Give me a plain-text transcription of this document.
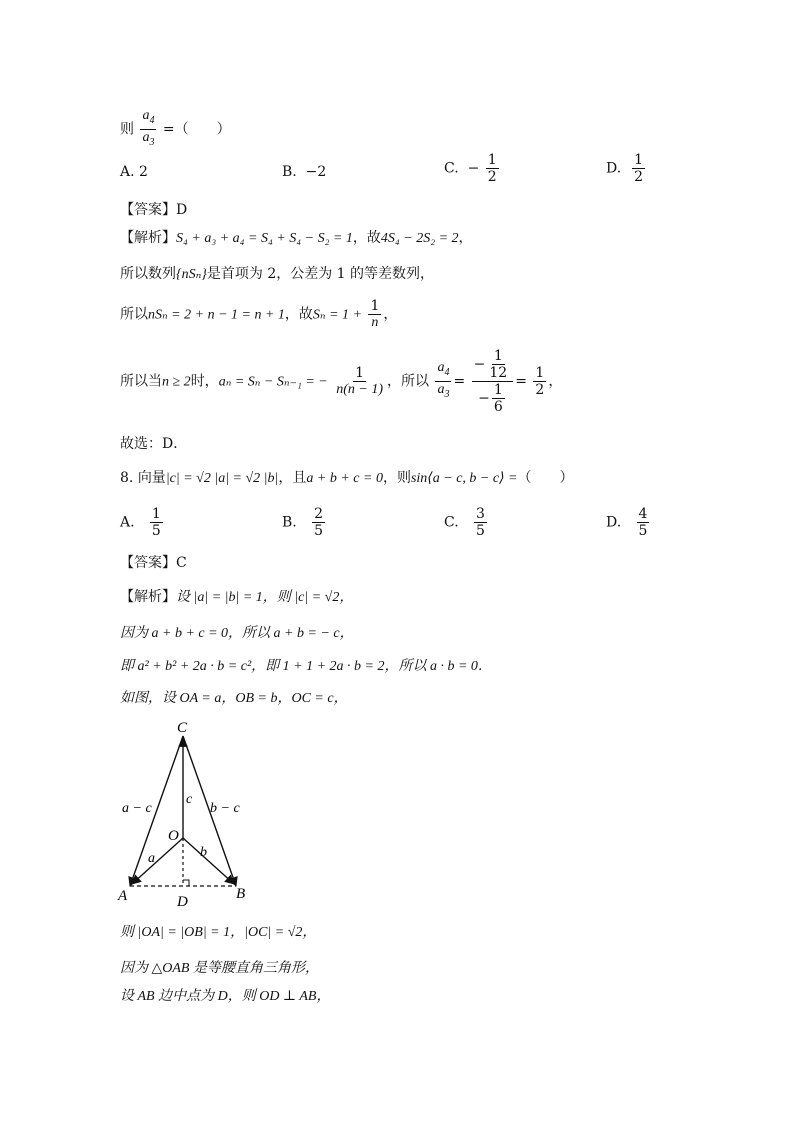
则 $\frac{a_4}{a_3}$ =（　　）
A. 2	B. −2	C. − $\frac{1}{2}$	D. $\frac{1}{2}$
【答案】D
【解析】S₄ + a₃ + a₄ = S₄ + S₄ − S₂ = 1，故4S₄ − 2S₂ = 2，
所以数列{nSₙ}是首项为 2，公差为 1 的等差数列，
所以nSₙ = 2 + n − 1 = n + 1，故$S_n = 1 + \frac{1}{n}$ ，
所以当n ≥ 2时，aₙ = Sₙ − Sₙ₋₁ = − $\frac{1}{n(n - 1)}$ ，所以 $\frac{a_4}{a_3} = \frac{- \frac{1}{12}}{- \frac{1}{6}} = \frac{1}{2}$ ，
故选：D．
8. 向量|c| = √2 |a| = √2 |b|，且a + b + c = 0，则sin⟨a − c, b − c⟩ =（　　）
A. $\frac{1}{5}$	B. $\frac{2}{5}$	C. $\frac{3}{5}$	D. $\frac{4}{5}$
【答案】C
【解析】设 |a| = |b| = 1，则 |c| = √2，
因为 a + b + c = 0，所以 a + b = − c，
即 a² + b² + 2a · b = c²，即 1 + 1 + 2a · b = 2，所以 a · b = 0．
如图，设 OA = a，OB = b，OC = c，
C
O
A	B
D
c
a	b
a − c	b − c
则 |OA| = |OB| = 1，|OC| = √2，
因为 △OAB 是等腰直角三角形，
设 AB 边中点为 D，则 OD ⊥ AB，
